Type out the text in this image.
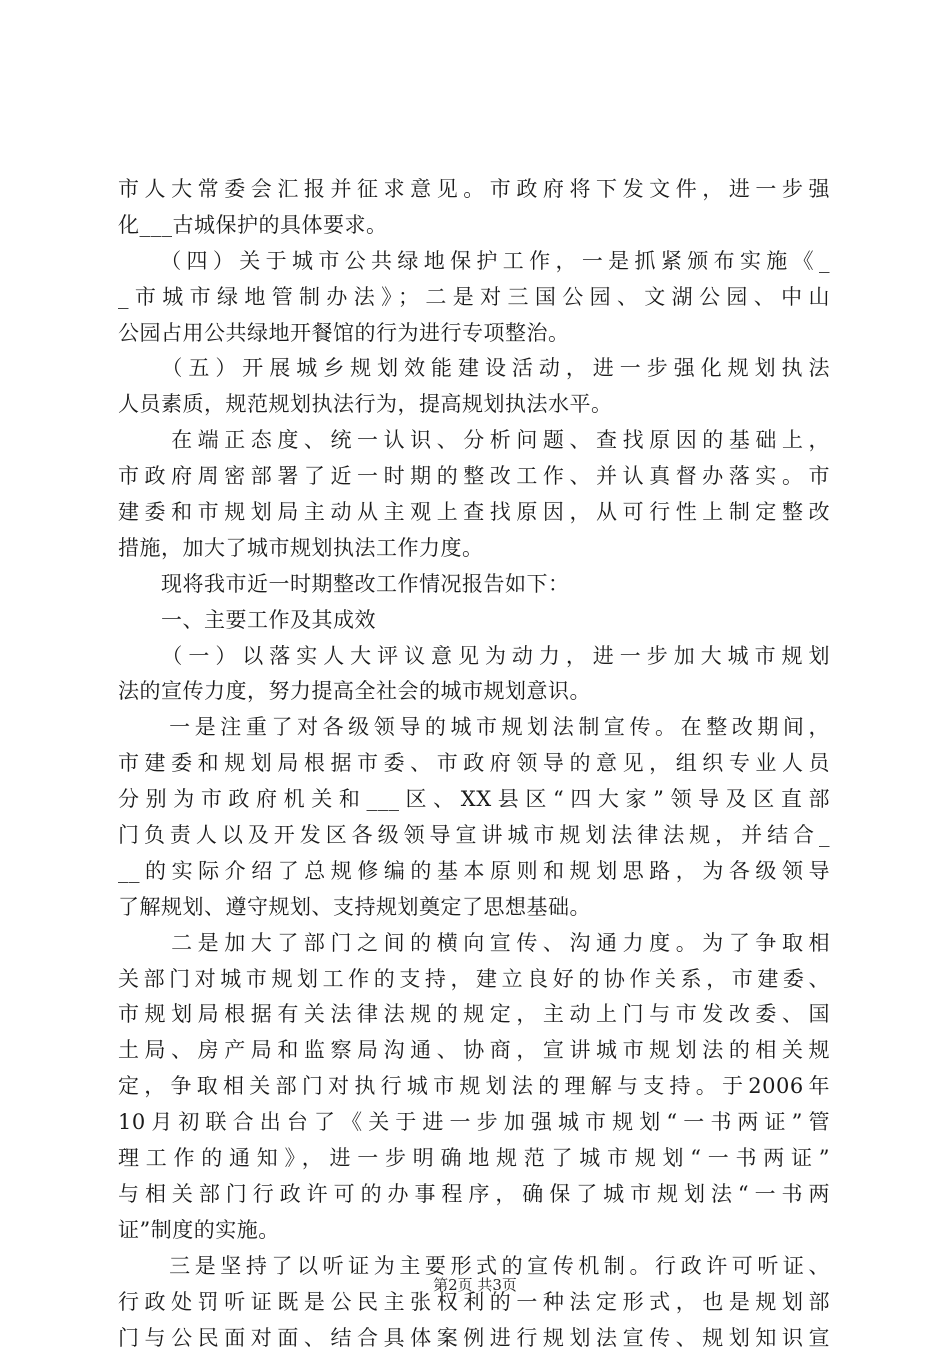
市人大常委会汇报并征求意见。市政府将下发文件，进一步强
化___古城保护的具体要求。
　　（四）关于城市公共绿地保护工作，一是抓紧颁布实施《_
_市城市绿地管制办法》；二是对三国公园、文湖公园、中山
公园占用公共绿地开餐馆的行为进行专项整治。
　　（五）开展城乡规划效能建设活动，进一步强化规划执法
人员素质，规范规划执法行为，提高规划执法水平。
　　在端正态度、统一认识、分析问题、查找原因的基础上，
市政府周密部署了近一时期的整改工作、并认真督办落实。市
建委和市规划局主动从主观上查找原因，从可行性上制定整改
措施，加大了城市规划执法工作力度。
　　现将我市近一时期整改工作情况报告如下：
　　一、主要工作及其成效
　　（一）以落实人大评议意见为动力，进一步加大城市规划
法的宣传力度，努力提高全社会的城市规划意识。
　　一是注重了对各级领导的城市规划法制宣传。在整改期间，
市建委和规划局根据市委、市政府领导的意见，组织专业人员
分别为市政府机关和___区、XX县区“四大家”领导及区直部
门负责人以及开发区各级领导宣讲城市规划法律法规，并结合_
__的实际介绍了总规修编的基本原则和规划思路，为各级领导
了解规划、遵守规划、支持规划奠定了思想基础。
　　二是加大了部门之间的横向宣传、沟通力度。为了争取相
关部门对城市规划工作的支持，建立良好的协作关系，市建委、
市规划局根据有关法律法规的规定，主动上门与市发改委、国
土局、房产局和监察局沟通、协商，宣讲城市规划法的相关规
定，争取相关部门对执行城市规划法的理解与支持。于2006年
10月初联合出台了《关于进一步加强城市规划“一书两证”管
理工作的通知》，进一步明确地规范了城市规划“一书两证”
与相关部门行政许可的办事程序，确保了城市规划法“一书两
证”制度的实施。
　　三是坚持了以听证为主要形式的宣传机制。行政许可听证、
行政处罚听证既是公民主张权利的一种法定形式，也是规划部
门与公民面对面、结合具体案例进行规划法宣传、规划知识宣
第2页 共3页
